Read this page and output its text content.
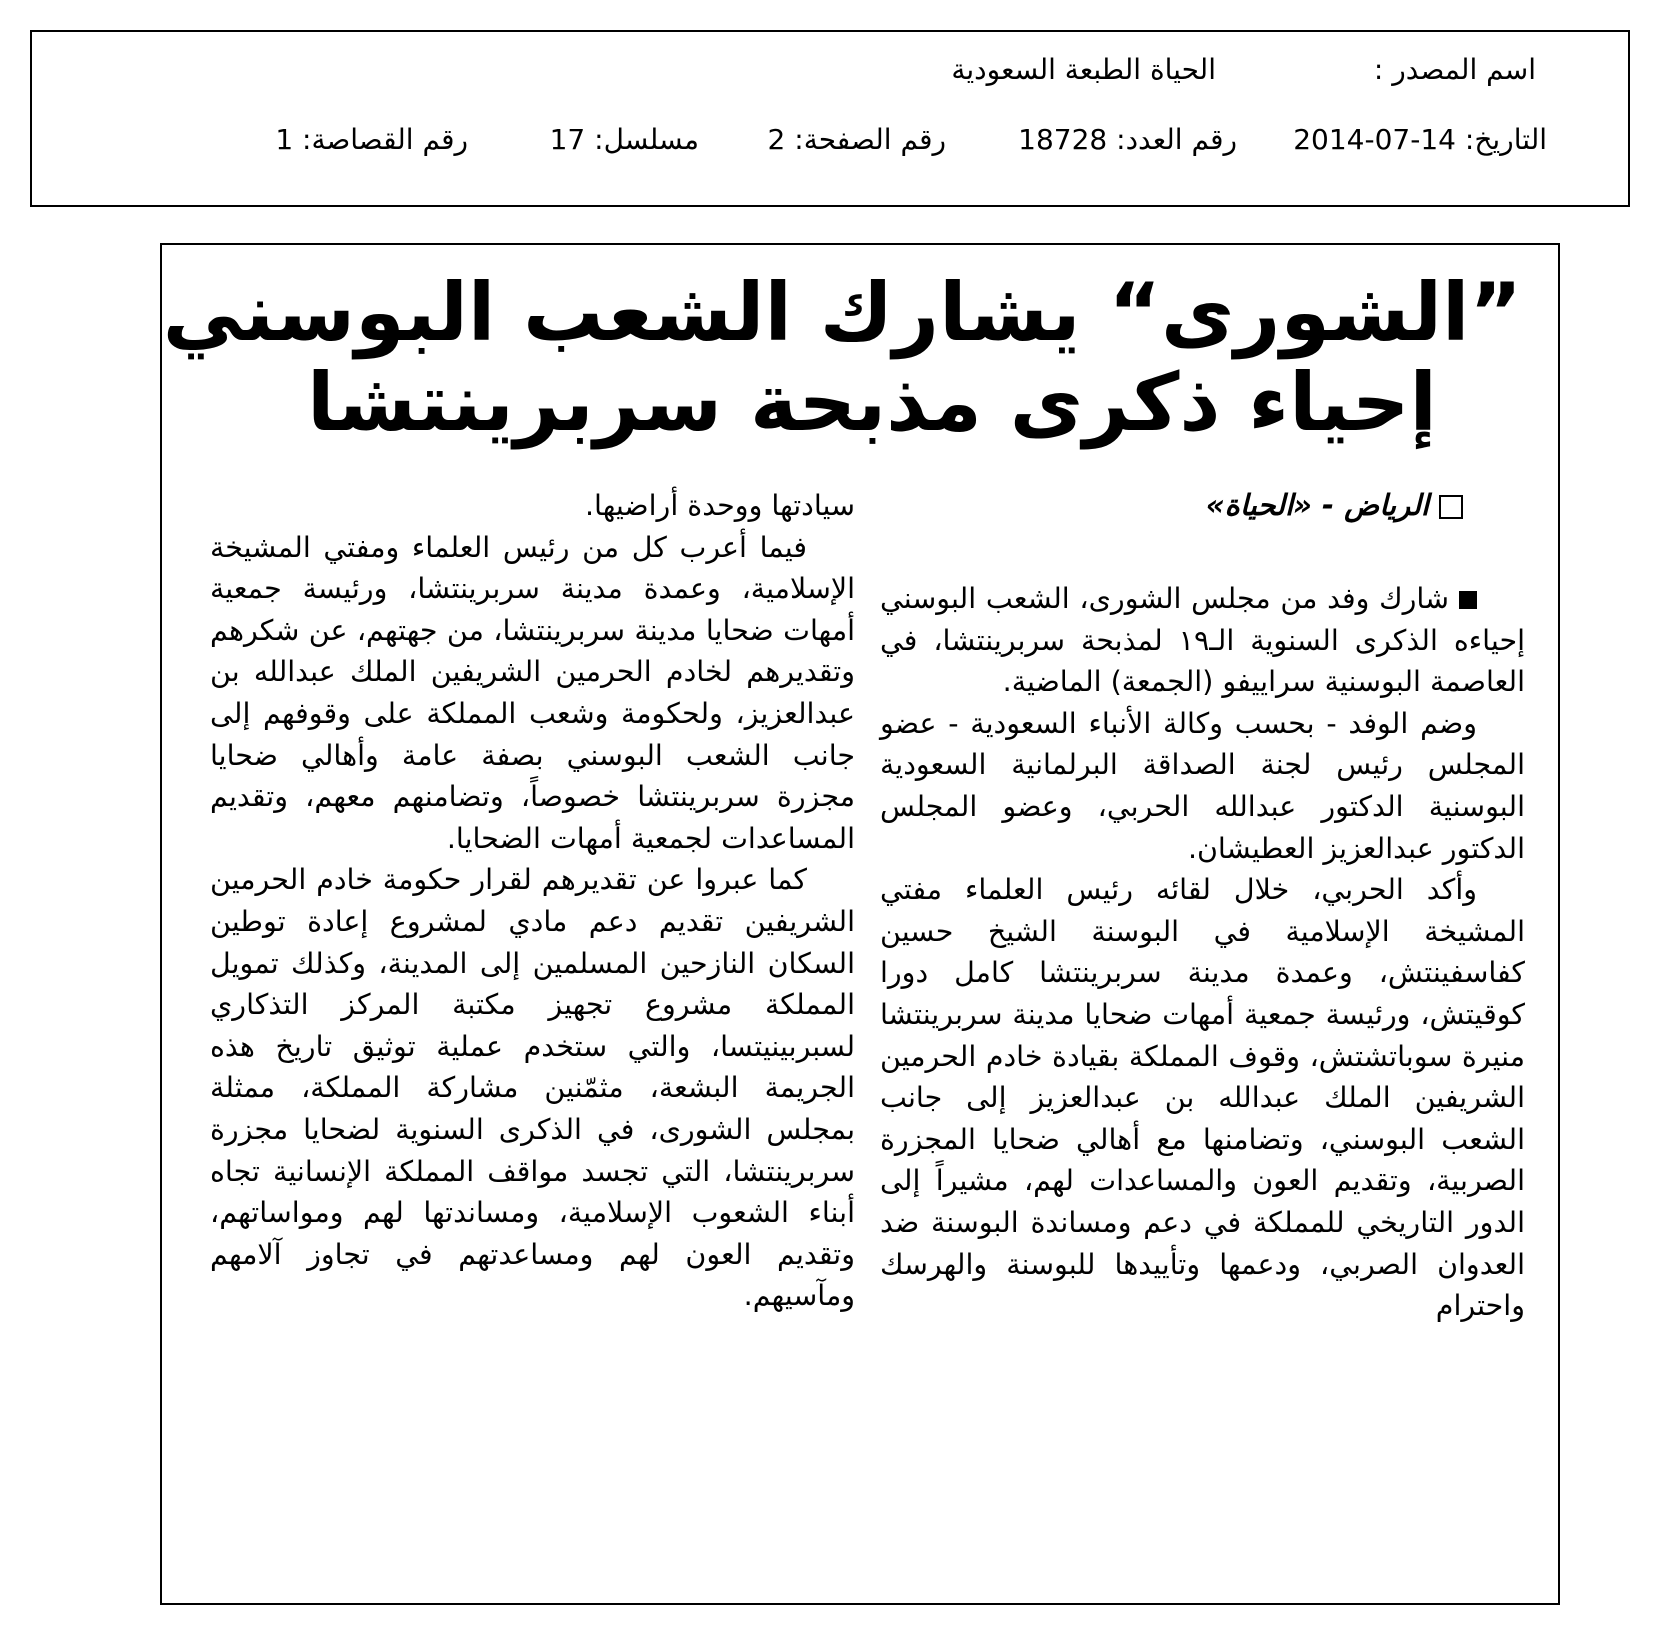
اسم المصدر :
الحياة الطبعة السعودية
التاريخ: 14-07-2014
رقم العدد: 18728
رقم الصفحة: 2
مسلسل: 17
رقم القصاصة: 1
”الشورى“ يشارك الشعب البوسني
إحياء ذكرى مذبحة سربرينتشا
الرياض - «الحياة»

شارك وفد من مجلس الشورى، الشعب البوسني إحياءه الذكرى السنوية الـ١٩ لمذبحة سربرينتشا، في العاصمة البوسنية سراييفو (الجمعة) الماضية.

وضم الوفد - بحسب وكالة الأنباء السعودية - عضو المجلس رئيس لجنة الصداقة البرلمانية السعودية البوسنية الدكتور عبدالله الحربي، وعضو المجلس الدكتور عبدالعزيز العطيشان.

وأكد الحربي، خلال لقائه رئيس العلماء مفتي المشيخة الإسلامية في البوسنة الشيخ حسين كفاسفينتش، وعمدة مدينة سربرينتشا كامل دورا كوقيتش، ورئيسة جمعية أمهات ضحايا مدينة سربرينتشا منيرة سوباتشتش، وقوف المملكة بقيادة خادم الحرمين الشريفين الملك عبدالله بن عبدالعزيز إلى جانب الشعب البوسني، وتضامنها مع أهالي ضحايا المجزرة الصربية، وتقديم العون والمساعدات لهم، مشيراً إلى الدور التاريخي للمملكة في دعم ومساندة البوسنة ضد العدوان الصربي، ودعمها وتأييدها للبوسنة والهرسك واحترام

سيادتها ووحدة أراضيها.

فيما أعرب كل من رئيس العلماء ومفتي المشيخة الإسلامية، وعمدة مدينة سربرينتشا، ورئيسة جمعية أمهات ضحايا مدينة سربرينتشا، من جهتهم، عن شكرهم وتقديرهم لخادم الحرمين الشريفين الملك عبدالله بن عبدالعزيز، ولحكومة وشعب المملكة على وقوفهم إلى جانب الشعب البوسني بصفة عامة وأهالي ضحايا مجزرة سربرينتشا خصوصاً، وتضامنهم معهم، وتقديم المساعدات لجمعية أمهات الضحايا.

كما عبروا عن تقديرهم لقرار حكومة خادم الحرمين الشريفين تقديم دعم مادي لمشروع إعادة توطين السكان النازحين المسلمين إلى المدينة، وكذلك تمويل المملكة مشروع تجهيز مكتبة المركز التذكاري لسبربينيتسا، والتي ستخدم عملية توثيق تاريخ هذه الجريمة البشعة، مثمّنين مشاركة المملكة، ممثلة بمجلس الشورى، في الذكرى السنوية لضحايا مجزرة سربرينتشا، التي تجسد مواقف المملكة الإنسانية تجاه أبناء الشعوب الإسلامية، ومساندتها لهم ومواساتهم، وتقديم العون لهم ومساعدتهم في تجاوز آلامهم ومآسيهم.
